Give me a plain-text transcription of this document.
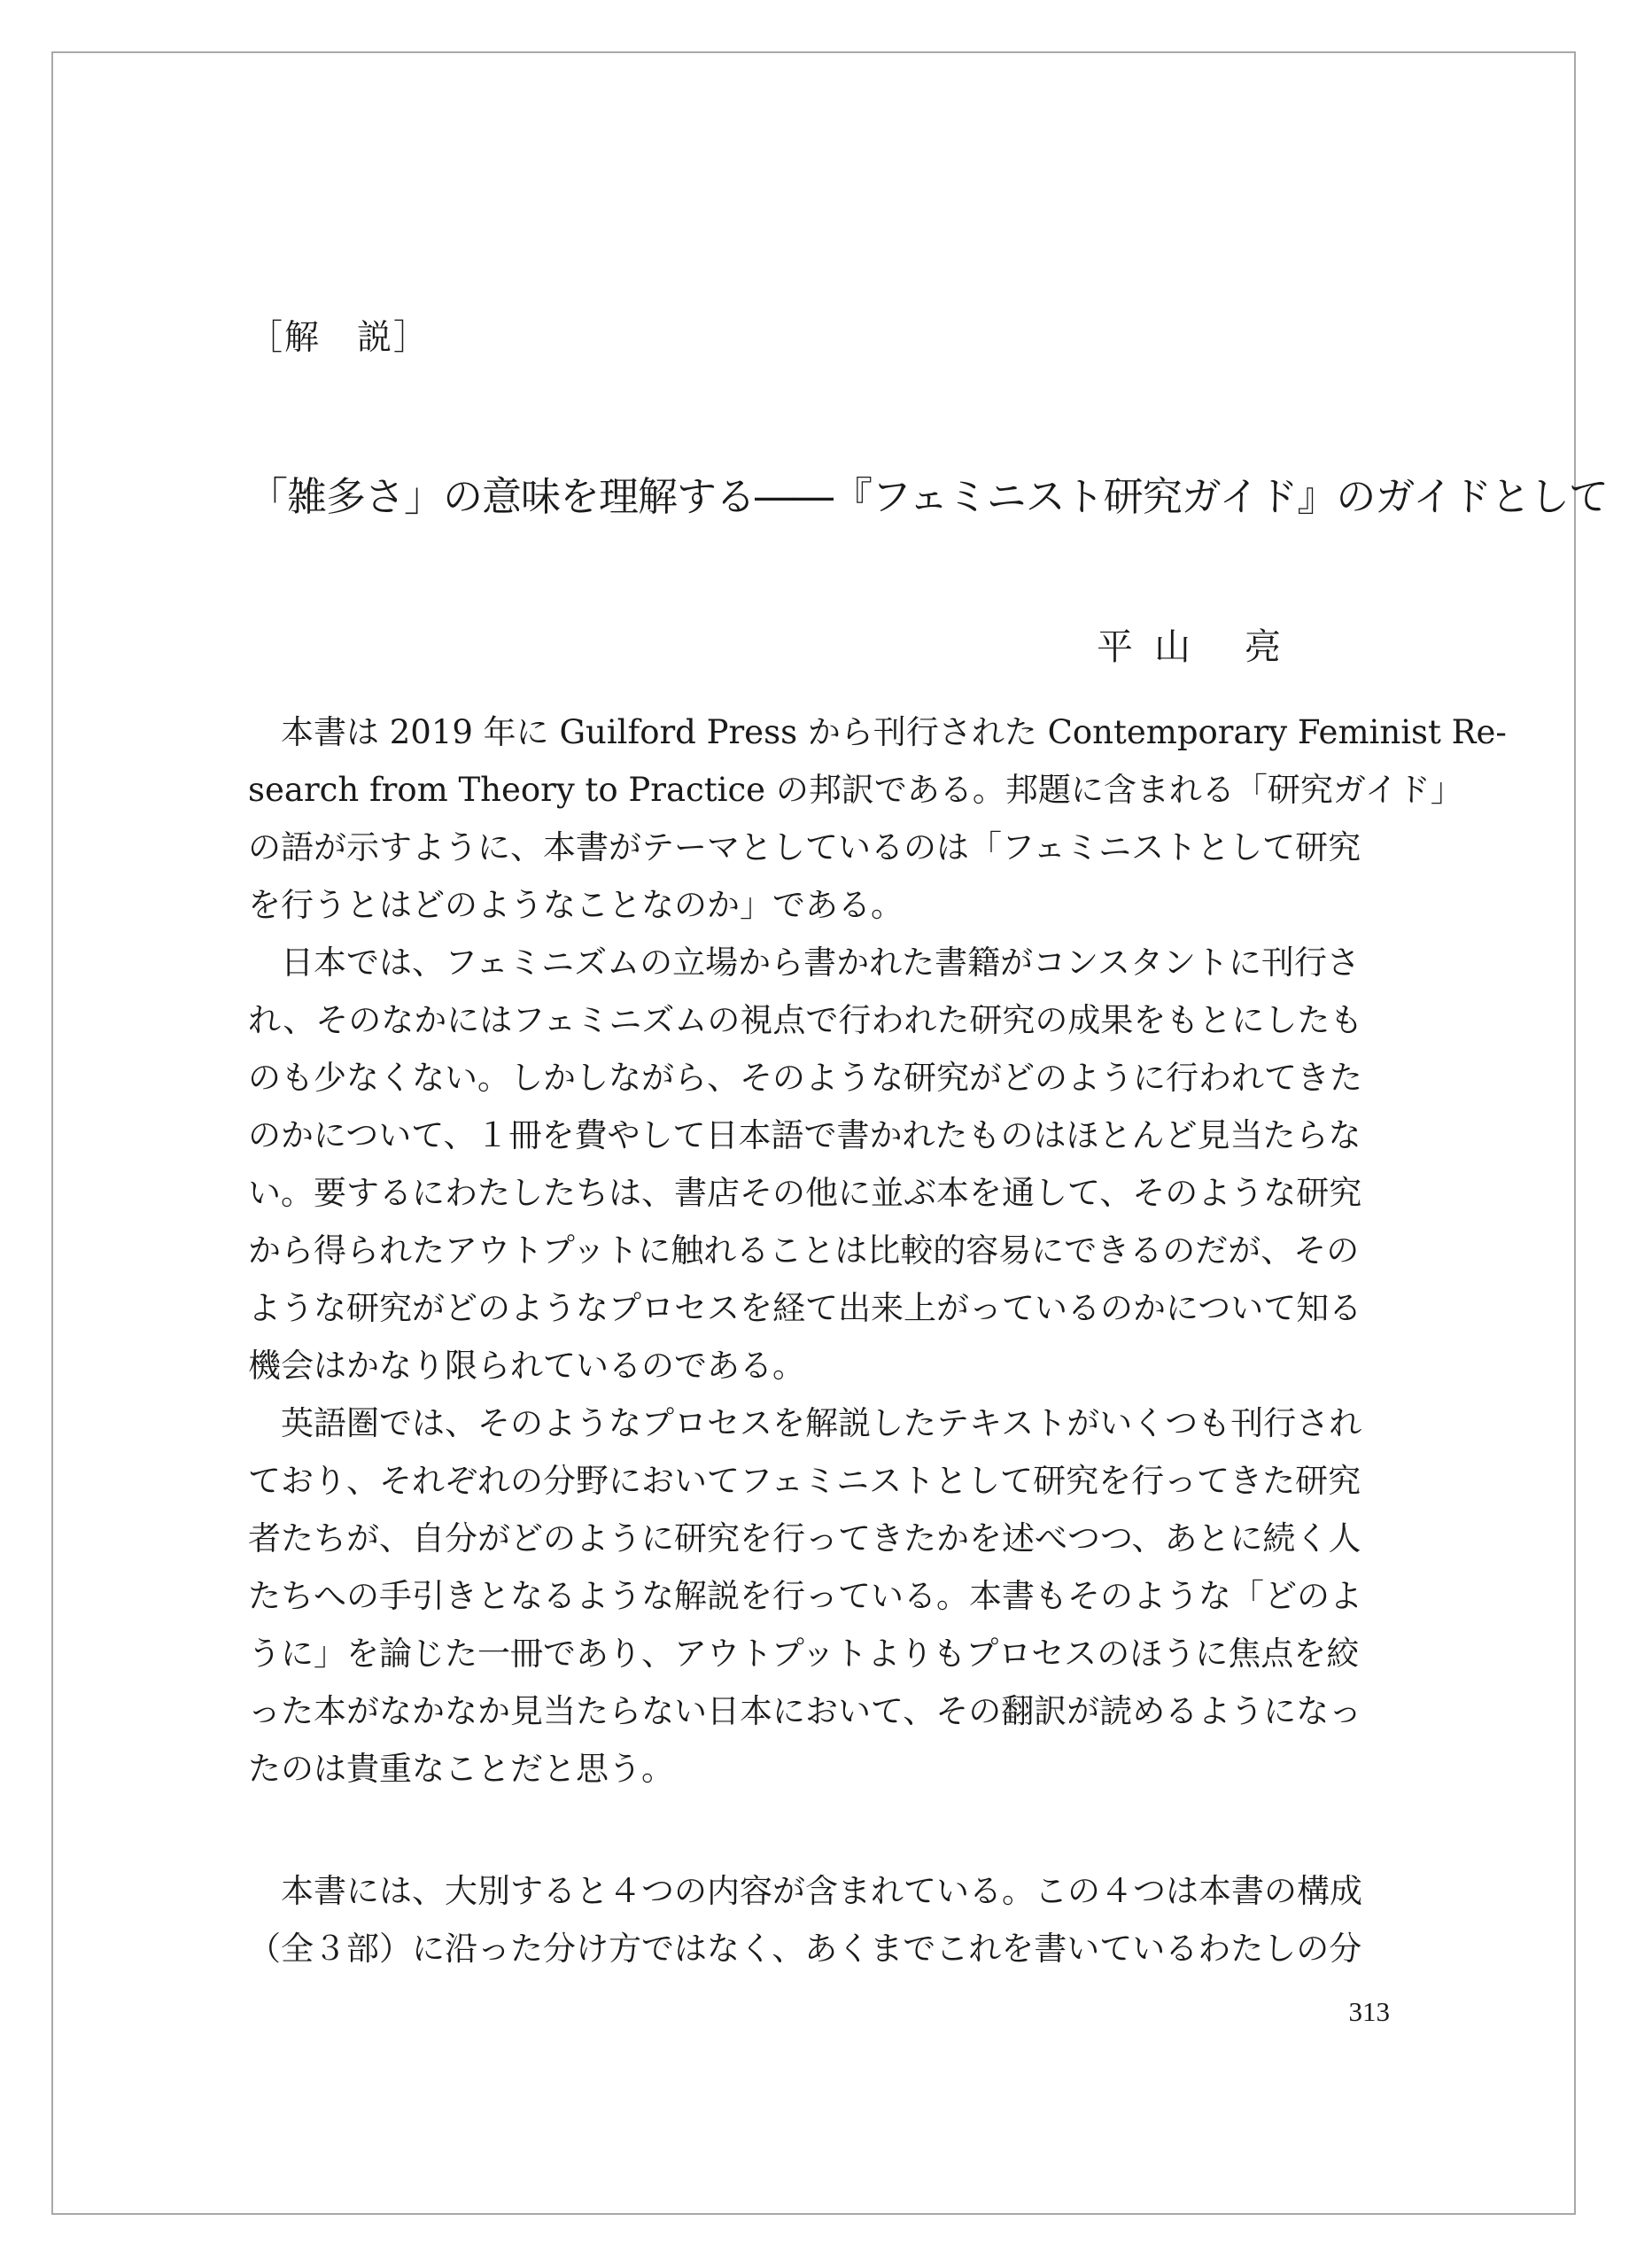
［解　説］

「雑多さ」の意味を理解する――『フェミニスト研究ガイド』のガイドとして
平山 亮
　本書は 2019 年に Guilford Press から刊行された Contemporary Feminist Re-
search from Theory to Practice の邦訳である。邦題に含まれる「研究ガイド」
の語が示すように、本書がテーマとしているのは「フェミニストとして研究
を行うとはどのようなことなのか」である。
　日本では、フェミニズムの立場から書かれた書籍がコンスタントに刊行さ
れ、そのなかにはフェミニズムの視点で行われた研究の成果をもとにしたも
のも少なくない。しかしながら、そのような研究がどのように行われてきた
のかについて、１冊を費やして日本語で書かれたものはほとんど見当たらな
い。要するにわたしたちは、書店その他に並ぶ本を通して、そのような研究
から得られたアウトプットに触れることは比較的容易にできるのだが、その
ような研究がどのようなプロセスを経て出来上がっているのかについて知る
機会はかなり限られているのである。
　英語圏では、そのようなプロセスを解説したテキストがいくつも刊行され
ており、それぞれの分野においてフェミニストとして研究を行ってきた研究
者たちが、自分がどのように研究を行ってきたかを述べつつ、あとに続く人
たちへの手引きとなるような解説を行っている。本書もそのような「どのよ
うに」を論じた一冊であり、アウトプットよりもプロセスのほうに焦点を絞
った本がなかなか見当たらない日本において、その翻訳が読めるようになっ
たのは貴重なことだと思う。
　本書には、大別すると４つの内容が含まれている。この４つは本書の構成
（全３部）に沿った分け方ではなく、あくまでこれを書いているわたしの分
313
